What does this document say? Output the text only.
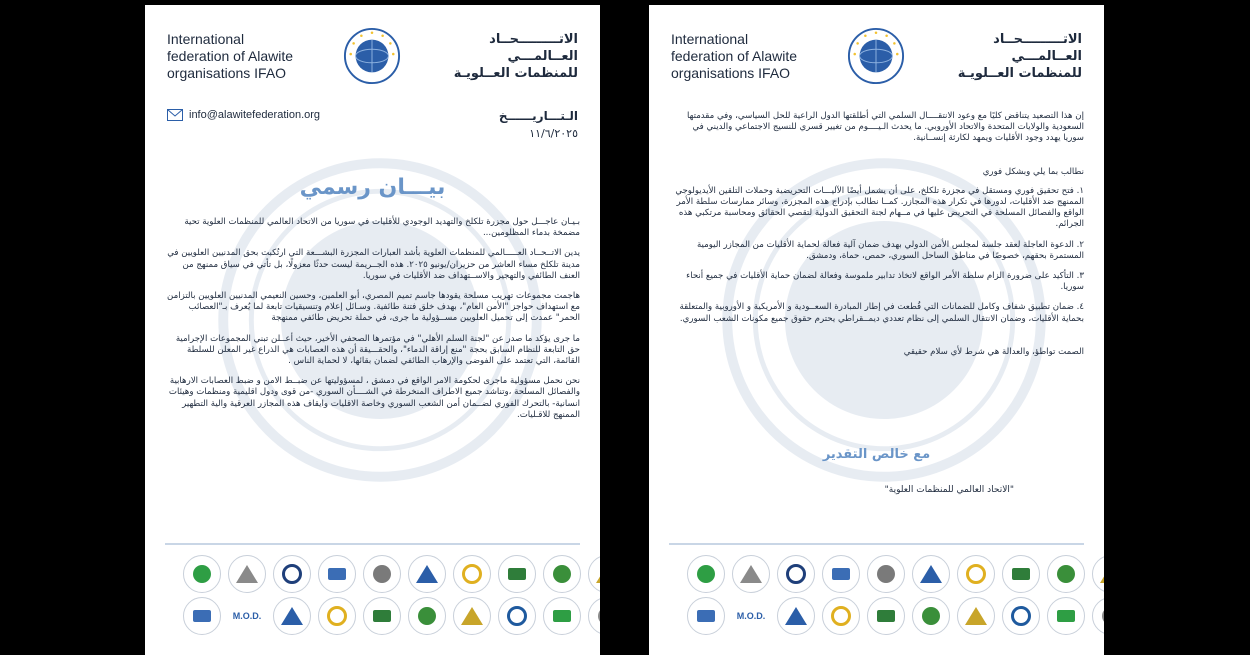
International
federation of Alawite
organisations IFAO
الاتـــــــــحــاد
العــالمـــي
للمنظمات العــلويـة
info@alawitefederation.org	الـتـــاريــــــخ
١١/٦/٢٠٢٥
بيـــان رسمي

بـيـان عاجـــل حول مجزرة تلكلخ والتهديد الوجودي للأقليات في سوريا من الاتحاد العالمي للمنظمات العلوية تحية مضمخة بدماء المظلومين...

يدين الاتــحــاد العـــــالمي للمنظمات العلوية بأشد العبارات المجزرة البشـــعة التي ارتُكبت بحق المدنيين العلويين في مدينة تلكلخ مساء العاشر من حزيران/يونيو ٢٠٢٥. هذه الجــريمة ليست حدثًا معزولًا، بل تأتي في سياق ممنهج من العنف الطائفي والتهجير والاســتهداف ضد الأقليات في سوريا.

هاجمت مجموعات تهريب مسلحة يقودها جاسم تميم المصري، أبو العلمين، وحسين النعيمي المدنيين العلويين بالتزامن مع استهداف حواجز "الأمن العام"، بهدف خلق فتنة طائفية. وسـائل إعلام وتنسيقيات تابعة لما يُعرف بـ"العصائب الحمر" عمدت إلى تحميل العلويين مســؤولية ما جرى، في حملة تحريض طائفي ممنهجة

ما جرى يؤكد ما صدر عن "لجنة السلم الأهلي" في مؤتمرها الصحفي الأخير، حيث أعــلن تبني المجموعات الإجرامية حق التابعة للنظام السابق بحجة "منع إراقة الدماء"، والحقـــيقة أن هذه العصابات هي الذراع غير المعلن للسلطة القائمة، التي تعتمد على الفوضى والإرهاب الطائفي لضمان بقائها، لا لحماية الناس .

نحن نحمل مسؤولية ماجرى لحكومة الامر الواقع في دمشق ، لمسؤوليتها عن ضبــط الامن و ضبط العصابات الارهابية والفصائل المسلحة ،وتناشد جميع الاطراف المنخرطة في الشــــأن السوري -من قوى ودول اقليمية ومنظمات وهيئات انسانية- بالتحرك الفوري لضــمان أمن الشعب السوري وخاصة الاقليات وايقاف هذه المجازر العرقية والية التطهير الممنهج للاقـليات.

M.O.D.
International
federation of Alawite
organisations IFAO
الاتـــــــــحــاد
العــالمـــي
للمنظمات العــلويـة

إن هذا التصعيد يتناقض كليًا مع وعود الانتقــــال السلمي التي أطلقتها الدول الراعية للحل السياسي، وفي مقدمتها السعودية والولايات المتحدة والاتحاد الأوروبي. ما يحدث الـيــــوم من تغيير قسري للنسيج الاجتماعي والديني في سوريا يهدد وجود الأقليات ويمهد لكارثة إنســانية.

نطالب بما يلي وبشكل فوري

١. فتح تحقيق فوري ومستقل في مجزرة تلكلخ، على أن يشمل أيضًا الآليـــات التحريضية وحملات التلقين الأيديولوجي الممنهج ضد الأقليات، لدورها في تكرار هذه المجازر. كمــا نطالب بإدراج هذه المجزرة، وسائر ممارسات سلطة الأمر الواقع والفصائل المسلحة في التحريض عليها في مــهام لجنة التحقيق الدولية لتقصي الحقائق ومحاسبة مرتكبي هذه الجرائم.

٢. الدعوة العاجلة لعقد جلسة لمجلس الأمن الدولي بهدف ضمان آلية فعالة لحماية الأقليات من المجازر اليومية المستمرة بحقهم، خصوصًا في مناطق الساحل السوري، حمص، حماة، ودمشق.

٣. التأكيد على ضرورة الزام سلطة الأمر الواقع لاتخاذ تدابير ملموسة وفعالة لضمان حماية الأقليات في جميع أنحاء سوريا.

٤. ضمان تطبيق شفاف وكامل للضمانات التي قُطعت في إطار المبادرة السعــودية و الأمريكية و الأوروبية والمتعلقة بحماية الأقليات، وضمان الانتقال السلمي إلى نظام تعددي ديمــقراطي يحترم حقوق جميع مكونات الشعب السوري.

الصمت تواطؤ، والعدالة هي شرط لأي سلام حقيقي

مع خالص التقدير
"الاتحاد العالمي للمنظمات العلوية"
M.O.D.
